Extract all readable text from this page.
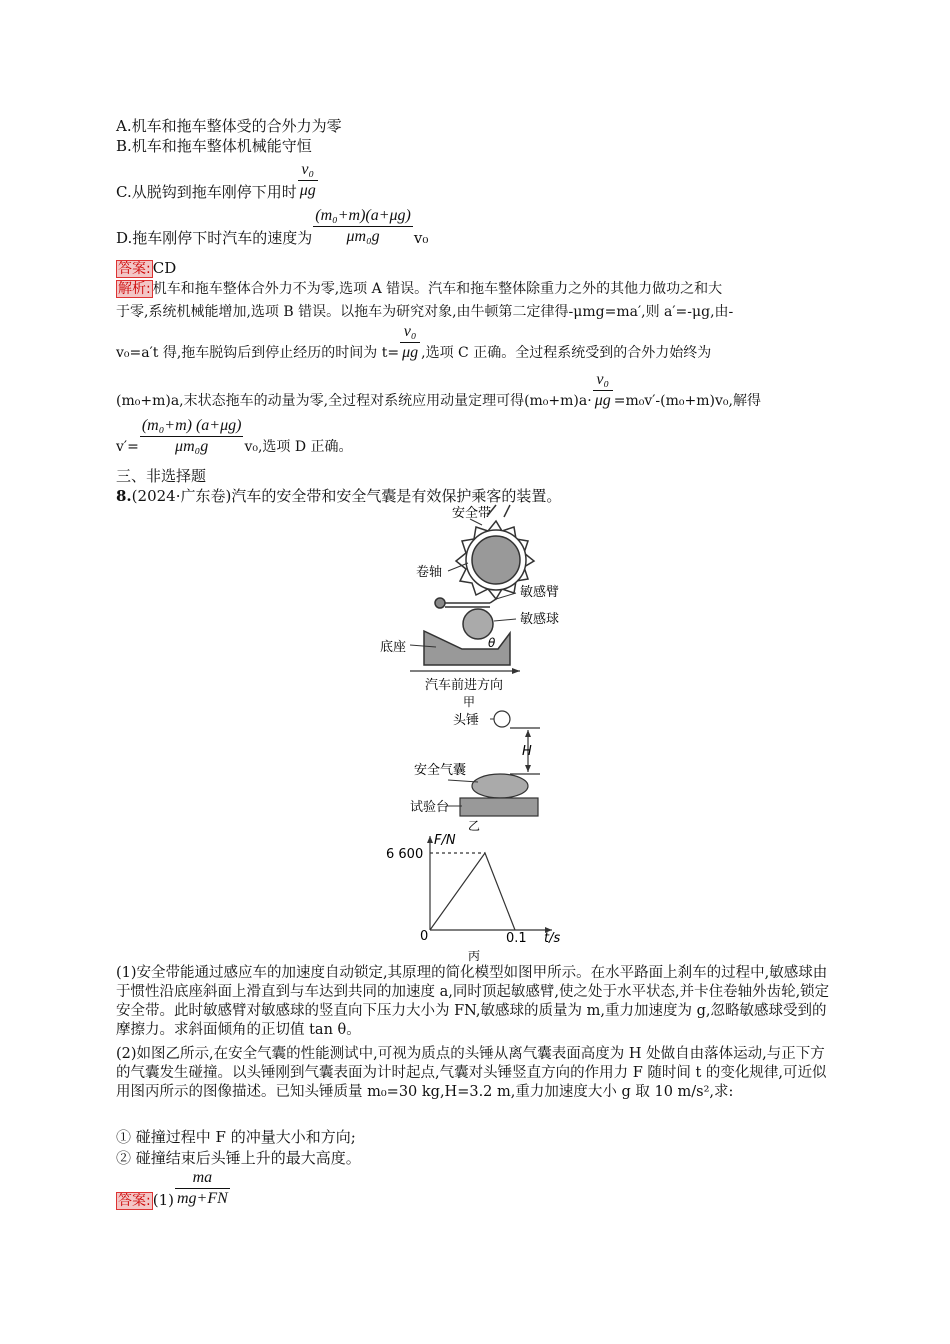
A.机车和拖车整体受的合外力为零
B.机车和拖车整体机械能守恒
C.从脱钩到拖车刚停下用时 $\frac{\text{v₀}}{\mu g}$
D.拖车刚停下时汽车的速度为 $\frac{\text{(m₀+m)(a+μg)}}{\text{μm₀g}} v_0$
答案: CD
解析: 机车和拖车整体合外力不为零,选项 A 错误。汽车和拖车整体除重力之外的其他力做功之和大
于零,系统机械能增加,选项 B 错误。以拖车为研究对象,由牛顿第二定律得-μmg=ma′,则 a′=-μg,由-
v₀=a′t 得,拖车脱钩后到停止经历的时间为 $t= \frac{\text{v₀}}{\mu g}$ ,选项 C 正确。全过程系统受到的合外力始终为
(m₀+m)a,末状态拖车的动量为零,全过程对系统应用动量定理可得$(m_0+m)a\cdot \frac{\text{v₀}}{\mu g} =m_0v'-(m_0+m)v_0$,解得
$v'= \frac{\text{(m₀+m) (a+μg)}}{\text{μm₀g}} v_0$,选项 D 正确。
三、非选择题
8.(2024·广东卷)汽车的安全带和安全气囊是有效保护乘客的装置。
安全带
卷轴
敏感臂
敏感球
底座	θ
汽车前进方向
甲
头锤
H
安全气囊
试验台
乙
F/N
6 600
0	0.1 t/s
丙
(1)安全带能通过感应车的加速度自动锁定,其原理的简化模型如图甲所示。在水平路面上刹车的过程中,敏感球由于惯性沿底座斜面上滑直到与车达到共同的加速度 a,同时顶起敏感臂,使之处于水平状态,并卡住卷轴外齿轮,锁定安全带。此时敏感臂对敏感球的竖直向下压力大小为 FN,敏感球的质量为 m,重力加速度为 g,忽略敏感球受到的摩擦力。求斜面倾角的正切值 tan θ。
(2)如图乙所示,在安全气囊的性能测试中,可视为质点的头锤从离气囊表面高度为 H 处做自由落体运动,与正下方的气囊发生碰撞。以头锤刚到气囊表面为计时起点,气囊对头锤竖直方向的作用力 F 随时间 t 的变化规律,可近似用图丙所示的图像描述。已知头锤质量 m₀=30 kg,H=3.2 m,重力加速度大小 g 取 10 m/s²,求:
① 碰撞过程中 F 的冲量大小和方向;
② 碰撞结束后头锤上升的最大高度。
答案: $(1) \frac{ma}{mg+FN}$
